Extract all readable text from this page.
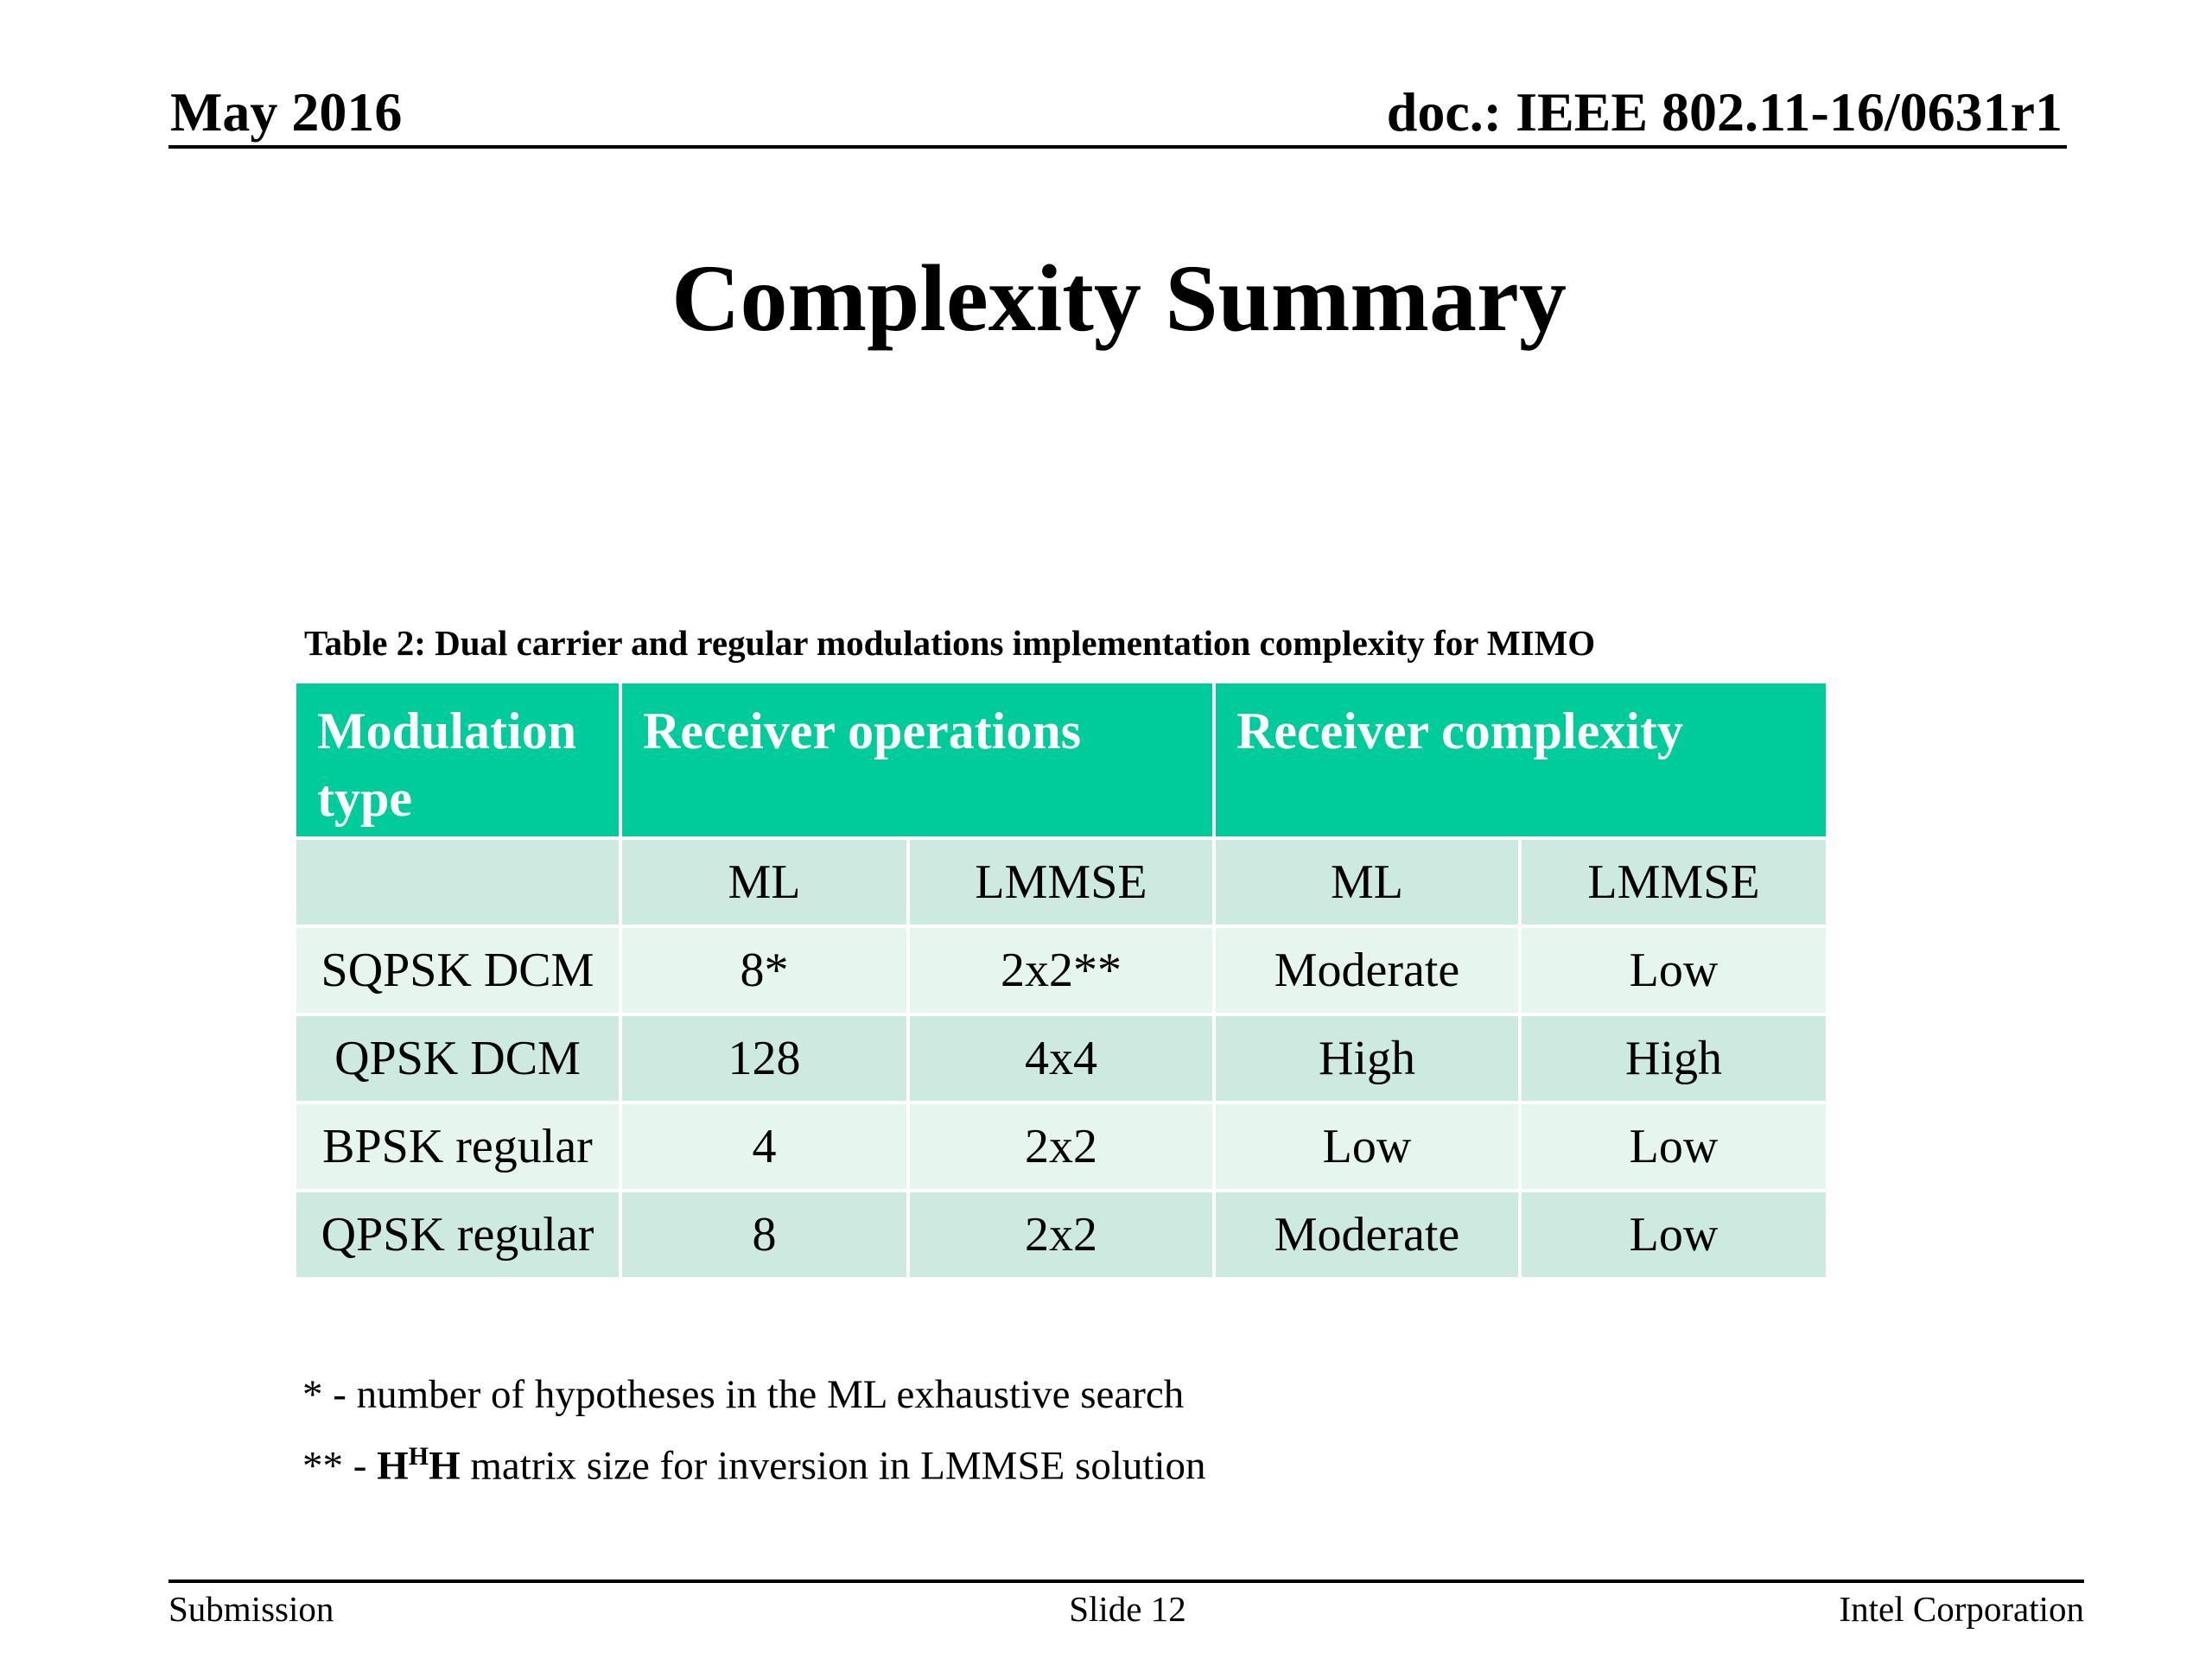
May 2016	doc.: IEEE 802.11-16/0631r1
Complexity Summary
Table 2: Dual carrier and regular modulations implementation complexity for MIMO
Modulation type	Receiver operations		Receiver complexity	
	ML	LMMSE	ML	LMMSE
SQPSK DCM	8*	2x2**	Moderate	Low
QPSK DCM	128	4x4	High	High
BPSK regular	4	2x2	Low	Low
QPSK regular	8	2x2	Moderate	Low
* - number of hypotheses in the ML exhaustive search
** - $H^HH$ matrix size for inversion in LMMSE solution
Submission	Slide 12	Intel Corporation
